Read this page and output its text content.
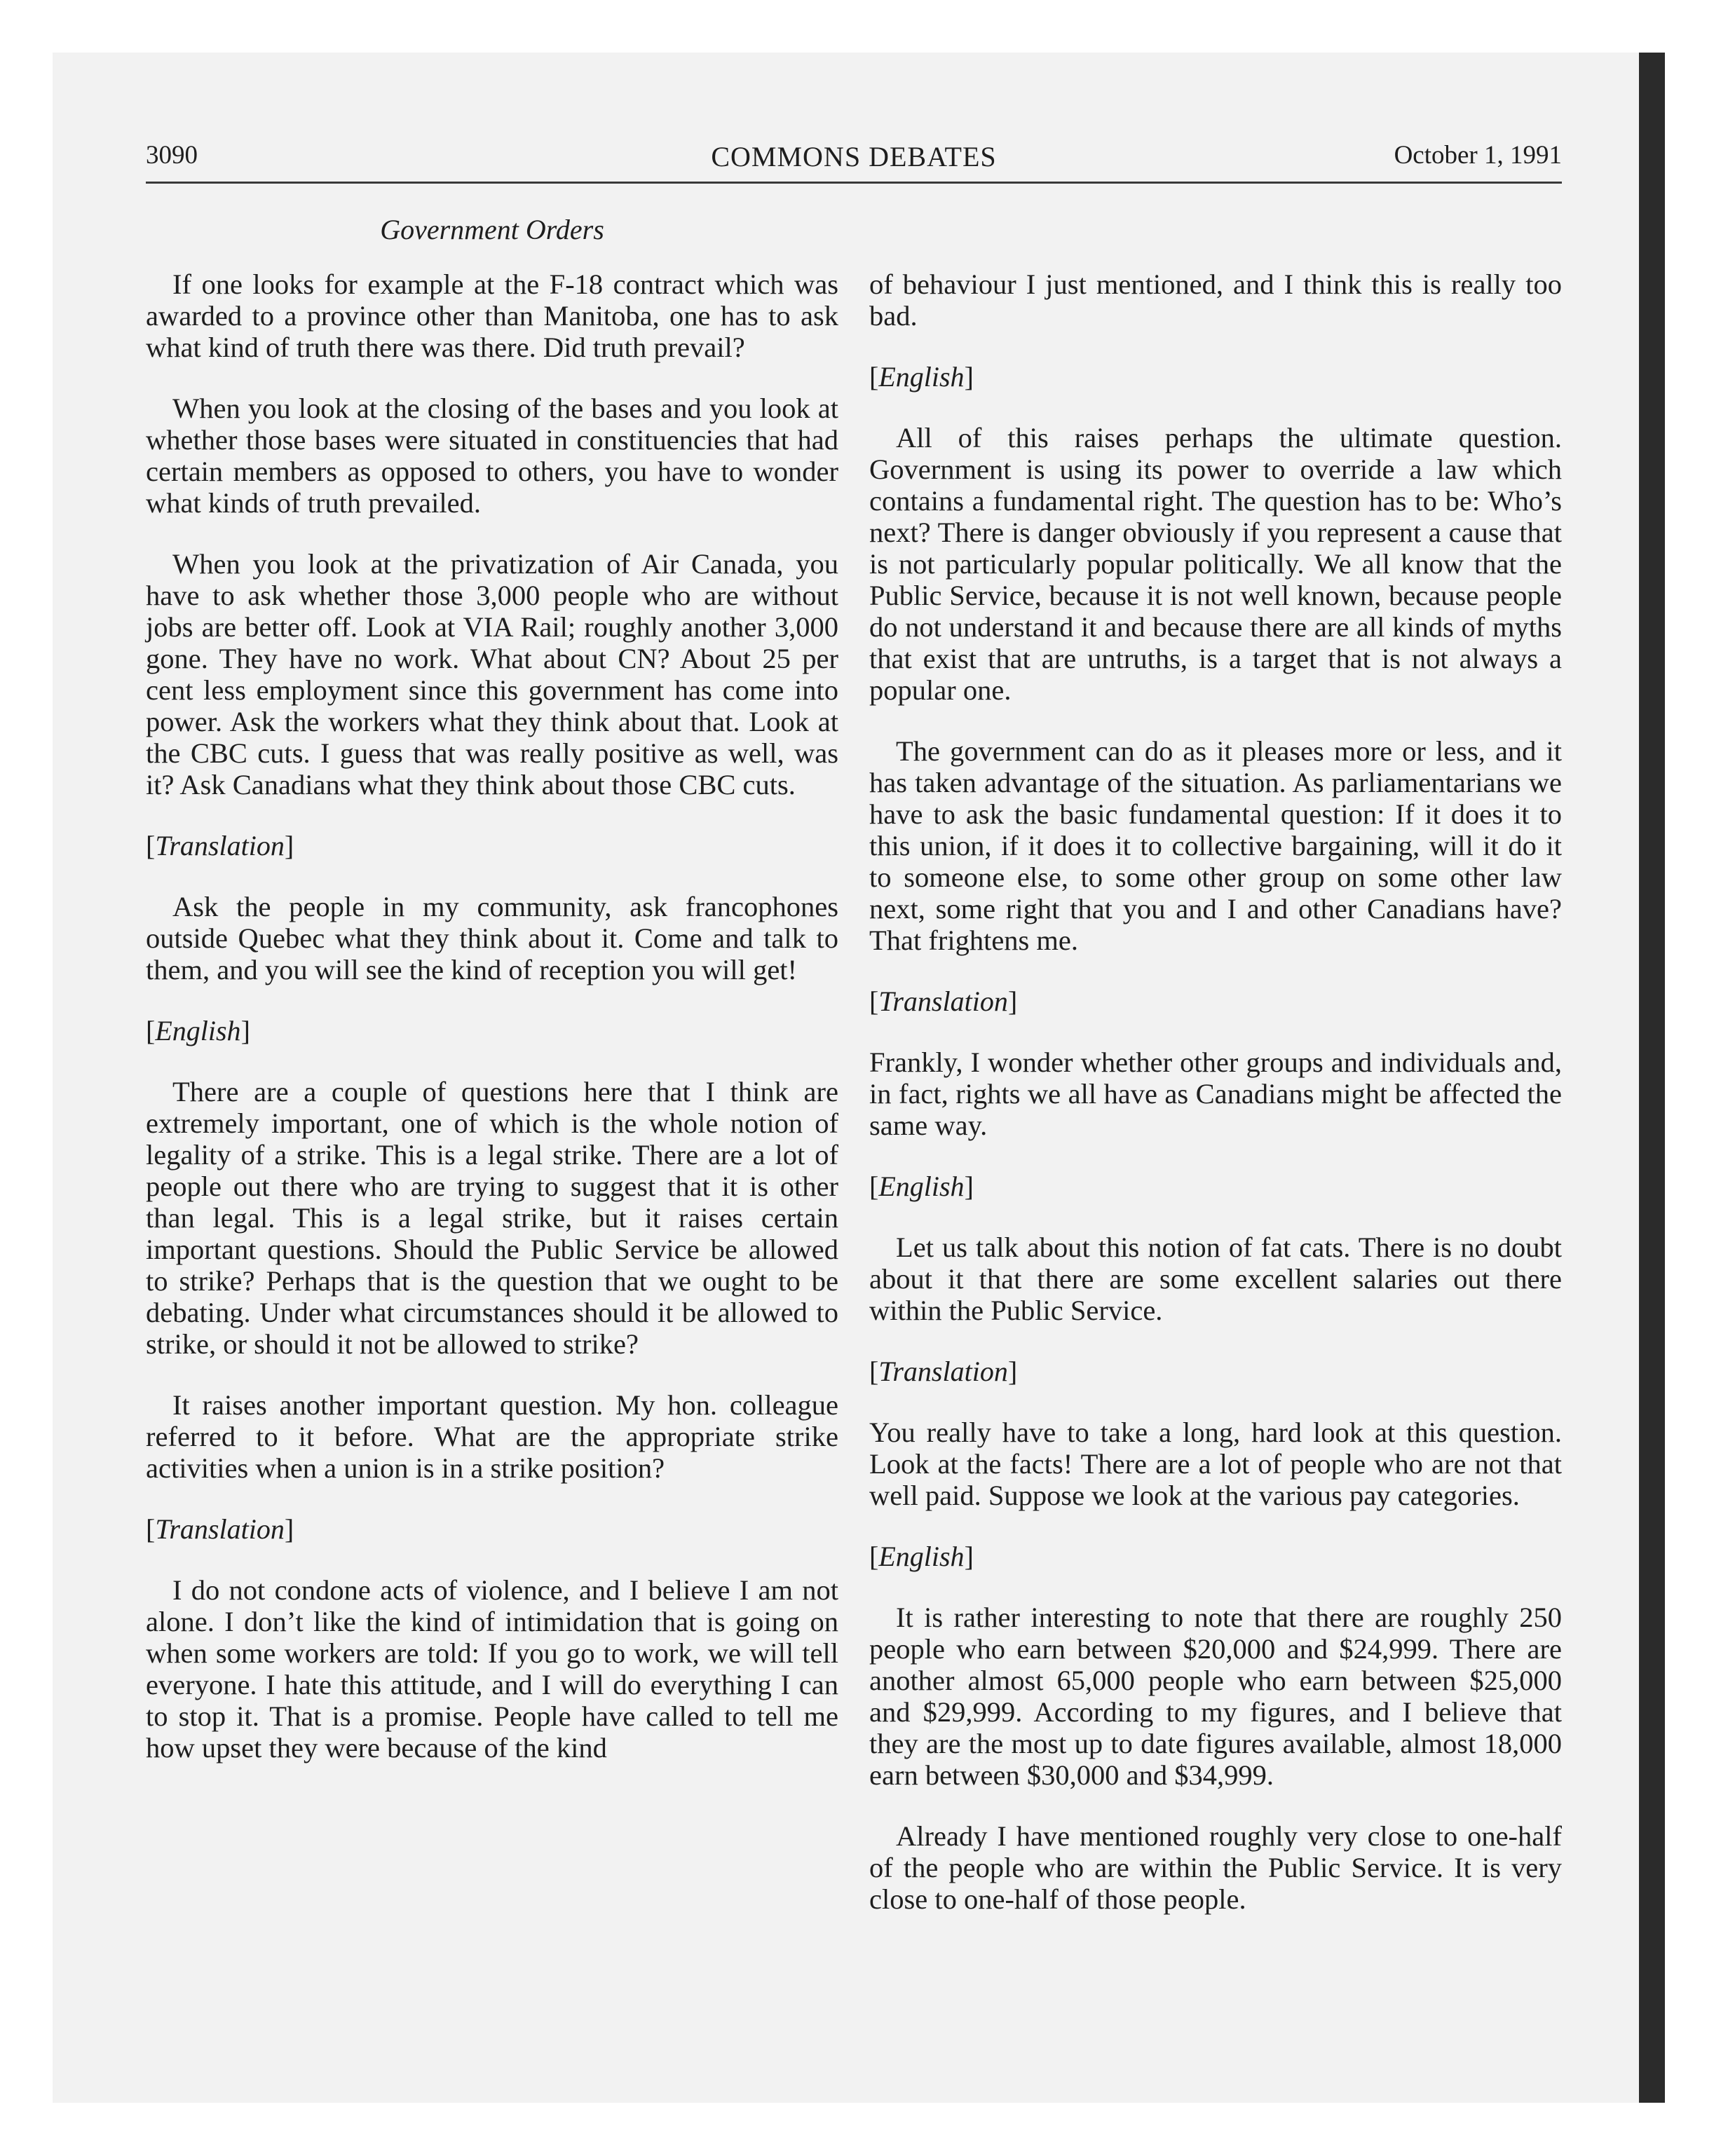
3090	COMMONS DEBATES	October 1, 1991
Government Orders

If one looks for example at the F-18 contract which was awarded to a province other than Manitoba, one has to ask what kind of truth there was there. Did truth prevail?

When you look at the closing of the bases and you look at whether those bases were situated in constituencies that had certain members as opposed to others, you have to wonder what kinds of truth prevailed.

When you look at the privatization of Air Canada, you have to ask whether those 3,000 people who are without jobs are better off. Look at VIA Rail; roughly another 3,000 gone. They have no work. What about CN? About 25 per cent less employment since this government has come into power. Ask the workers what they think about that. Look at the CBC cuts. I guess that was really positive as well, was it? Ask Canadians what they think about those CBC cuts.

[Translation]

Ask the people in my community, ask francophones outside Quebec what they think about it. Come and talk to them, and you will see the kind of reception you will get!

[English]

There are a couple of questions here that I think are extremely important, one of which is the whole notion of legality of a strike. This is a legal strike. There are a lot of people out there who are trying to suggest that it is other than legal. This is a legal strike, but it raises certain important questions. Should the Public Service be allowed to strike? Perhaps that is the question that we ought to be debating. Under what circumstances should it be allowed to strike, or should it not be allowed to strike?

It raises another important question. My hon. colleague referred to it before. What are the appropriate strike activities when a union is in a strike position?

[Translation]

I do not condone acts of violence, and I believe I am not alone. I don’t like the kind of intimidation that is going on when some workers are told: If you go to work, we will tell everyone. I hate this attitude, and I will do everything I can to stop it. That is a promise. People have called to tell me how upset they were because of the kind

of behaviour I just mentioned, and I think this is really too bad.

[English]

All of this raises perhaps the ultimate question. Government is using its power to override a law which contains a fundamental right. The question has to be: Who’s next? There is danger obviously if you represent a cause that is not particularly popular politically. We all know that the Public Service, because it is not well known, because people do not understand it and because there are all kinds of myths that exist that are untruths, is a target that is not always a popular one.

The government can do as it pleases more or less, and it has taken advantage of the situation. As parliamentarians we have to ask the basic fundamental question: If it does it to this union, if it does it to collective bargaining, will it do it to someone else, to some other group on some other law next, some right that you and I and other Canadians have? That frightens me.

[Translation]

Frankly, I wonder whether other groups and individuals and, in fact, rights we all have as Canadians might be affected the same way.

[English]

Let us talk about this notion of fat cats. There is no doubt about it that there are some excellent salaries out there within the Public Service.

[Translation]

You really have to take a long, hard look at this question. Look at the facts! There are a lot of people who are not that well paid. Suppose we look at the various pay categories.

[English]

It is rather interesting to note that there are roughly 250 people who earn between $20,000 and $24,999. There are another almost 65,000 people who earn between $25,000 and $29,999. According to my figures, and I believe that they are the most up to date figures available, almost 18,000 earn between $30,000 and $34,999.

Already I have mentioned roughly very close to one-half of the people who are within the Public Service. It is very close to one-half of those people.
